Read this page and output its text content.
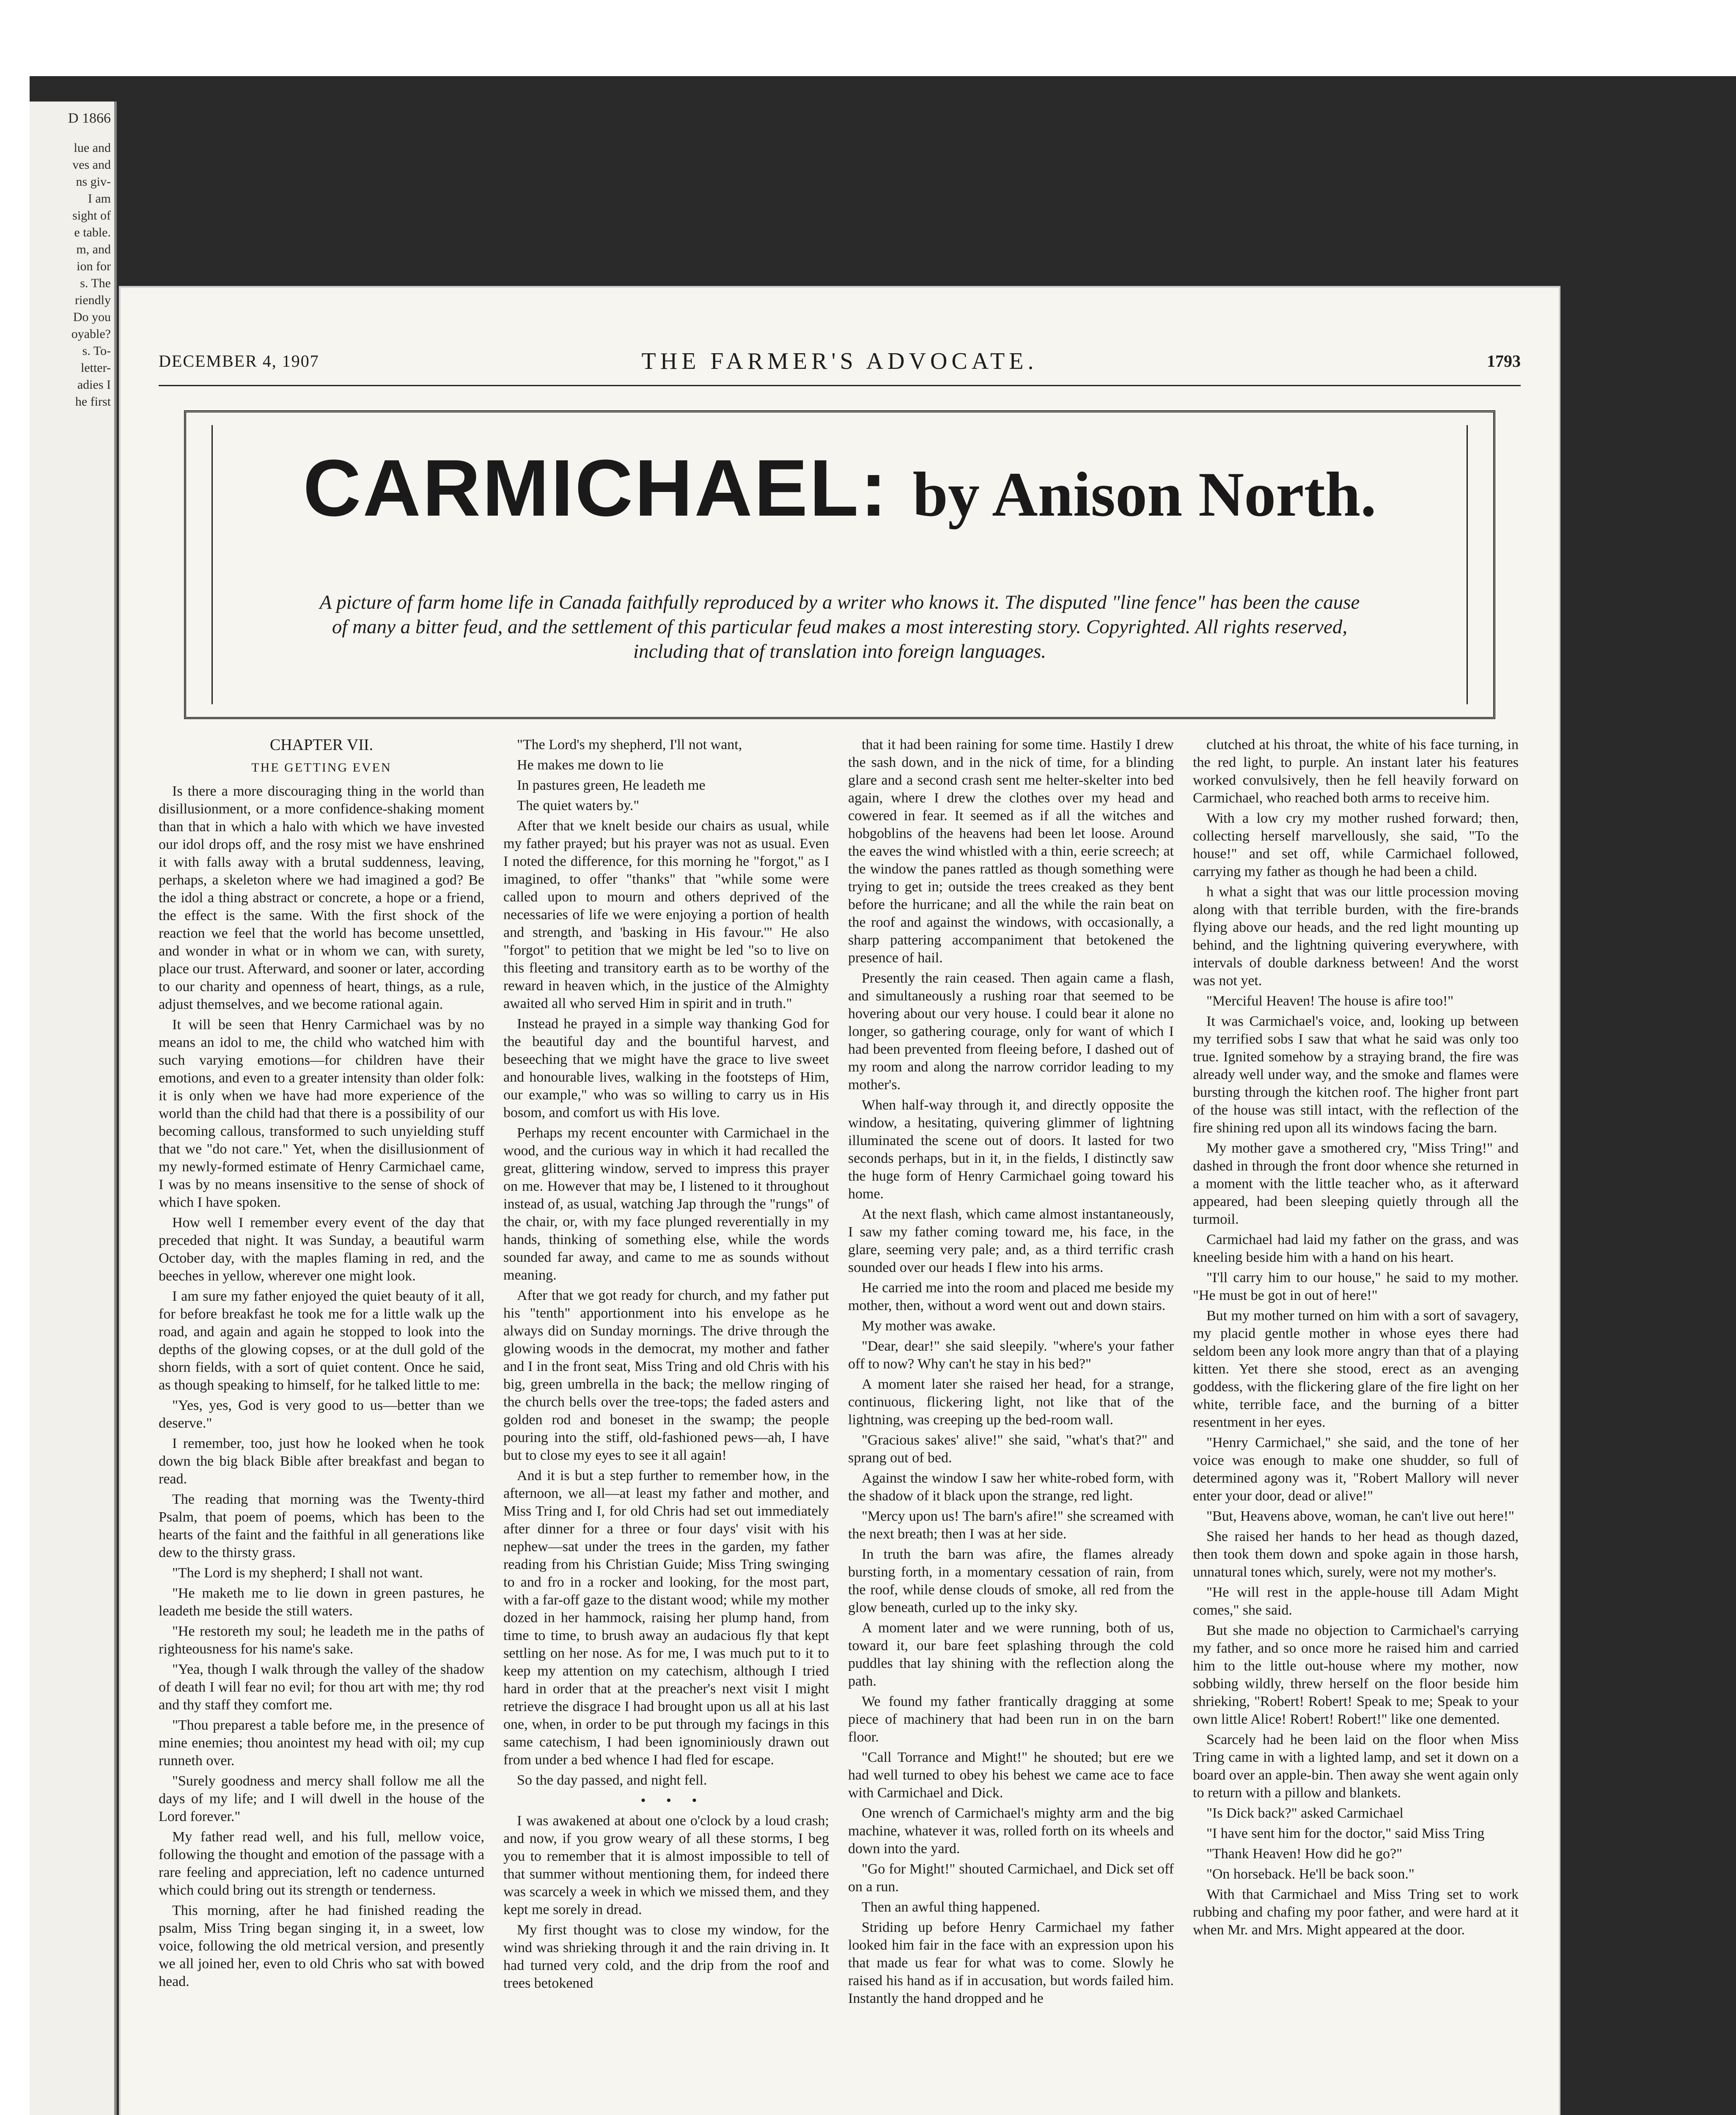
D 1866
lue and
ves and
ns giv-
I am
sight of
e table.
m, and
ion for
s. The
riendly
Do you
oyable?
s. To-
letter-
adies I
he first
DECEMBER 4, 1907	THE FARMER'S ADVOCATE.	1793
CARMICHAEL: by Anison North.
A picture of farm home life in Canada faithfully reproduced by a writer who knows it. The disputed "line fence" has been the cause of many a bitter feud, and the settlement of this particular feud makes a most interesting story. Copyrighted. All rights reserved, including that of translation into foreign languages.
CHAPTER VII.
THE GETTING EVEN

Is there a more discouraging thing in the world than disillusionment, or a more confidence-shaking moment than that in which a halo with which we have invested our idol drops off, and the rosy mist we have enshrined it with falls away with a brutal suddenness, leaving, perhaps, a skeleton where we had imagined a god? Be the idol a thing abstract or concrete, a hope or a friend, the effect is the same. With the first shock of the reaction we feel that the world has become unsettled, and wonder in what or in whom we can, with surety, place our trust. Afterward, and sooner or later, according to our charity and openness of heart, things, as a rule, adjust themselves, and we become rational again.

It will be seen that Henry Carmichael was by no means an idol to me, the child who watched him with such varying emotions—for children have their emotions, and even to a greater intensity than older folk: it is only when we have had more experience of the world than the child had that there is a possibility of our becoming callous, transformed to such unyielding stuff that we "do not care." Yet, when the disillusionment of my newly-formed estimate of Henry Carmichael came, I was by no means insensitive to the sense of shock of which I have spoken.

How well I remember every event of the day that preceded that night. It was Sunday, a beautiful warm October day, with the maples flaming in red, and the beeches in yellow, wherever one might look.

I am sure my father enjoyed the quiet beauty of it all, for before breakfast he took me for a little walk up the road, and again and again he stopped to look into the depths of the glowing copses, or at the dull gold of the shorn fields, with a sort of quiet content. Once he said, as though speaking to himself, for he talked little to me:

"Yes, yes, God is very good to us—better than we deserve."

I remember, too, just how he looked when he took down the big black Bible after breakfast and began to read.

The reading that morning was the Twenty-third Psalm, that poem of poems, which has been to the hearts of the faint and the faithful in all generations like dew to the thirsty grass.

"The Lord is my shepherd; I shall not want.

"He maketh me to lie down in green pastures, he leadeth me beside the still waters.

"He restoreth my soul; he leadeth me in the paths of righteousness for his name's sake.

"Yea, though I walk through the valley of the shadow of death I will fear no evil; for thou art with me; thy rod and thy staff they comfort me.

"Thou preparest a table before me, in the presence of mine enemies; thou anointest my head with oil; my cup runneth over.

"Surely goodness and mercy shall follow me all the days of my life; and I will dwell in the house of the Lord forever."

My father read well, and his full, mellow voice, following the thought and emotion of the passage with a rare feeling and appreciation, left no cadence unturned which could bring out its strength or tenderness.

This morning, after he had finished reading the psalm, Miss Tring began singing it, in a sweet, low voice, following the old metrical version, and presently we all joined her, even to old Chris who sat with bowed head.

"The Lord's my shepherd, I'll not want,

He makes me down to lie

In pastures green, He leadeth me

The quiet waters by."

After that we knelt beside our chairs as usual, while my father prayed; but his prayer was not as usual. Even I noted the difference, for this morning he "forgot," as I imagined, to offer "thanks" that "while some were called upon to mourn and others deprived of the necessaries of life we were enjoying a portion of health and strength, and 'basking in His favour.'" He also "forgot" to petition that we might be led "so to live on this fleeting and transitory earth as to be worthy of the reward in heaven which, in the justice of the Almighty awaited all who served Him in spirit and in truth."

Instead he prayed in a simple way thanking God for the beautiful day and the bountiful harvest, and beseeching that we might have the grace to live sweet and honourable lives, walking in the footsteps of Him, our example," who was so willing to carry us in His bosom, and comfort us with His love.

Perhaps my recent encounter with Carmichael in the wood, and the curious way in which it had recalled the great, glittering window, served to impress this prayer on me. However that may be, I listened to it throughout instead of, as usual, watching Jap through the "rungs" of the chair, or, with my face plunged reverentially in my hands, thinking of something else, while the words sounded far away, and came to me as sounds without meaning.

After that we got ready for church, and my father put his "tenth" apportionment into his envelope as he always did on Sunday mornings. The drive through the glowing woods in the democrat, my mother and father and I in the front seat, Miss Tring and old Chris with his big, green umbrella in the back; the mellow ringing of the church bells over the tree-tops; the faded asters and golden rod and boneset in the swamp; the people pouring into the stiff, old-fashioned pews—ah, I have but to close my eyes to see it all again!

And it is but a step further to remember how, in the afternoon, we all—at least my father and mother, and Miss Tring and I, for old Chris had set out immediately after dinner for a three or four days' visit with his nephew—sat under the trees in the garden, my father reading from his Christian Guide; Miss Tring swinging to and fro in a rocker and looking, for the most part, with a far-off gaze to the distant wood; while my mother dozed in her hammock, raising her plump hand, from time to time, to brush away an audacious fly that kept settling on her nose. As for me, I was much put to it to keep my attention on my catechism, although I tried hard in order that at the preacher's next visit I might retrieve the disgrace I had brought upon us all at his last one, when, in order to be put through my facings in this same catechism, I had been ignominiously drawn out from under a bed whence I had fled for escape.

So the day passed, and night fell.

• • •

I was awakened at about one o'clock by a loud crash; and now, if you grow weary of all these storms, I beg you to remember that it is almost impossible to tell of that summer without mentioning them, for indeed there was scarcely a week in which we missed them, and they kept me sorely in dread.

My first thought was to close my window, for the wind was shrieking through it and the rain driving in. It had turned very cold, and the drip from the roof and trees betokened

that it had been raining for some time. Hastily I drew the sash down, and in the nick of time, for a blinding glare and a second crash sent me helter-skelter into bed again, where I drew the clothes over my head and cowered in fear. It seemed as if all the witches and hobgoblins of the heavens had been let loose. Around the eaves the wind whistled with a thin, eerie screech; at the window the panes rattled as though something were trying to get in; outside the trees creaked as they bent before the hurricane; and all the while the rain beat on the roof and against the windows, with occasionally, a sharp pattering accompaniment that betokened the presence of hail.

Presently the rain ceased. Then again came a flash, and simultaneously a rushing roar that seemed to be hovering about our very house. I could bear it alone no longer, so gathering courage, only for want of which I had been prevented from fleeing before, I dashed out of my room and along the narrow corridor leading to my mother's.

When half-way through it, and directly opposite the window, a hesitating, quivering glimmer of lightning illuminated the scene out of doors. It lasted for two seconds perhaps, but in it, in the fields, I distinctly saw the huge form of Henry Carmichael going toward his home.

At the next flash, which came almost instantaneously, I saw my father coming toward me, his face, in the glare, seeming very pale; and, as a third terrific crash sounded over our heads I flew into his arms.

He carried me into the room and placed me beside my mother, then, without a word went out and down stairs.

My mother was awake.

"Dear, dear!" she said sleepily. "where's your father off to now? Why can't he stay in his bed?"

A moment later she raised her head, for a strange, continuous, flickering light, not like that of the lightning, was creeping up the bed-room wall.

"Gracious sakes' alive!" she said, "what's that?" and sprang out of bed.

Against the window I saw her white-robed form, with the shadow of it black upon the strange, red light.

"Mercy upon us! The barn's afire!" she screamed with the next breath; then I was at her side.

In truth the barn was afire, the flames already bursting forth, in a momentary cessation of rain, from the roof, while dense clouds of smoke, all red from the glow beneath, curled up to the inky sky.

A moment later and we were running, both of us, toward it, our bare feet splashing through the cold puddles that lay shining with the reflection along the path.

We found my father frantically dragging at some piece of machinery that had been run in on the barn floor.

"Call Torrance and Might!" he shouted; but ere we had well turned to obey his behest we came ace to face with Carmichael and Dick.

One wrench of Carmichael's mighty arm and the big machine, whatever it was, rolled forth on its wheels and down into the yard.

"Go for Might!" shouted Carmichael, and Dick set off on a run.

Then an awful thing happened.

Striding up before Henry Carmichael my father looked him fair in the face with an expression upon his that made us fear for what was to come. Slowly he raised his hand as if in accusation, but words failed him. Instantly the hand dropped and he

clutched at his throat, the white of his face turning, in the red light, to purple. An instant later his features worked convulsively, then he fell heavily forward on Carmichael, who reached both arms to receive him.

With a low cry my mother rushed forward; then, collecting herself marvellously, she said, "To the house!" and set off, while Carmichael followed, carrying my father as though he had been a child.

h what a sight that was our little procession moving along with that terrible burden, with the fire-brands flying above our heads, and the red light mounting up behind, and the lightning quivering everywhere, with intervals of double darkness between! And the worst was not yet.

"Merciful Heaven! The house is afire too!"

It was Carmichael's voice, and, looking up between my terrified sobs I saw that what he said was only too true. Ignited somehow by a straying brand, the fire was already well under way, and the smoke and flames were bursting through the kitchen roof. The higher front part of the house was still intact, with the reflection of the fire shining red upon all its windows facing the barn.

My mother gave a smothered cry, "Miss Tring!" and dashed in through the front door whence she returned in a moment with the little teacher who, as it afterward appeared, had been sleeping quietly through all the turmoil.

Carmichael had laid my father on the grass, and was kneeling beside him with a hand on his heart.

"I'll carry him to our house," he said to my mother. "He must be got in out of here!"

But my mother turned on him with a sort of savagery, my placid gentle mother in whose eyes there had seldom been any look more angry than that of a playing kitten. Yet there she stood, erect as an avenging goddess, with the flickering glare of the fire light on her white, terrible face, and the burning of a bitter resentment in her eyes.

"Henry Carmichael," she said, and the tone of her voice was enough to make one shudder, so full of determined agony was it, "Robert Mallory will never enter your door, dead or alive!"

"But, Heavens above, woman, he can't live out here!"

She raised her hands to her head as though dazed, then took them down and spoke again in those harsh, unnatural tones which, surely, were not my mother's.

"He will rest in the apple-house till Adam Might comes," she said.

But she made no objection to Carmichael's carrying my father, and so once more he raised him and carried him to the little out-house where my mother, now sobbing wildly, threw herself on the floor beside him shrieking, "Robert! Robert! Speak to me; Speak to your own little Alice! Robert! Robert!" like one demented.

Scarcely had he been laid on the floor when Miss Tring came in with a lighted lamp, and set it down on a board over an apple-bin. Then away she went again only to return with a pillow and blankets.

"Is Dick back?" asked Carmichael

"I have sent him for the doctor," said Miss Tring

"Thank Heaven! How did he go?"

"On horseback. He'll be back soon."

With that Carmichael and Miss Tring set to work rubbing and chafing my poor father, and were hard at it when Mr. and Mrs. Might appeared at the door.
